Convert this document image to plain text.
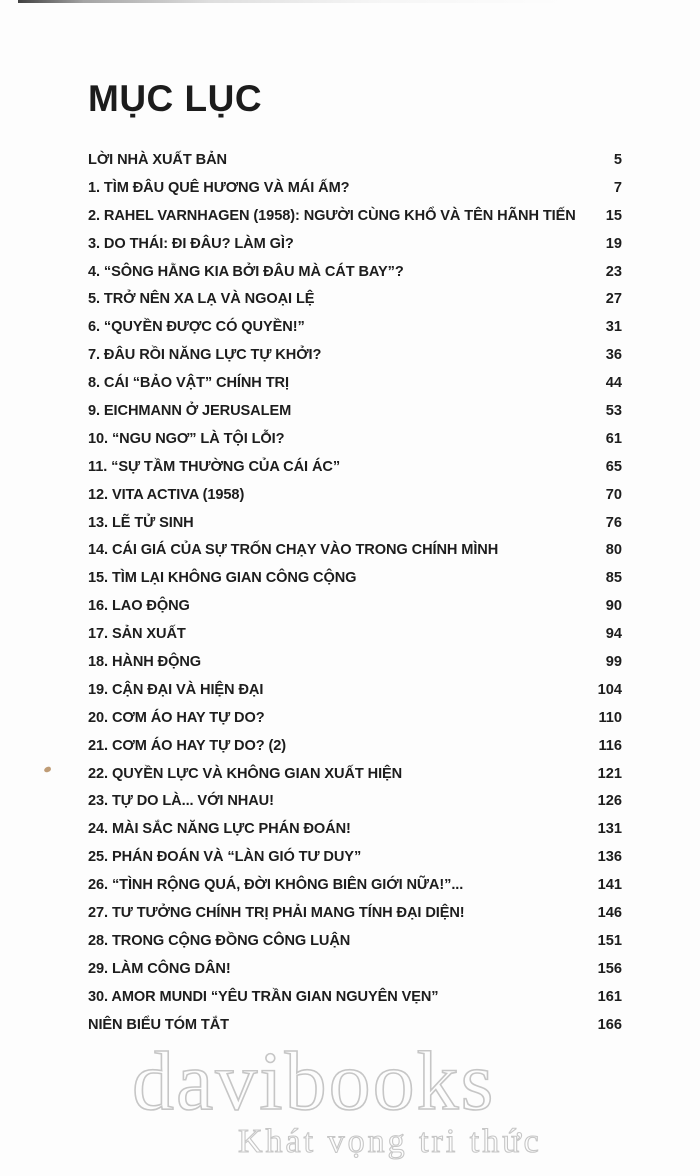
MỤC LỤC
LỜI NHÀ XUẤT BẢN	5
1. TÌM ĐÂU QUÊ HƯƠNG VÀ MÁI ẤM?	7
2. RAHEL VARNHAGEN (1958): NGƯỜI CÙNG KHỔ VÀ TÊN HÃNH TIẾN	15
3. DO THÁI: ĐI ĐÂU? LÀM GÌ?	19
4. “SÔNG HẰNG KIA BỞI ĐÂU MÀ CÁT BAY”?	23
5. TRỞ NÊN XA LẠ VÀ NGOẠI LỆ	27
6. “QUYỀN ĐƯỢC CÓ QUYỀN!”	31
7. ĐÂU RỒI NĂNG LỰC TỰ KHỞI?	36
8. CÁI “BẢO VẬT” CHÍNH TRỊ	44
9. EICHMANN Ở JERUSALEM	53
10. “NGU NGƠ” LÀ TỘI LỖI?	61
11. “SỰ TẦM THƯỜNG CỦA CÁI ÁC”	65
12. VITA ACTIVA (1958)	70
13. LẼ TỬ SINH	76
14. CÁI GIÁ CỦA SỰ TRỐN CHẠY VÀO TRONG CHÍNH MÌNH	80
15. TÌM LẠI KHÔNG GIAN CÔNG CỘNG	85
16. LAO ĐỘNG	90
17. SẢN XUẤT	94
18. HÀNH ĐỘNG	99
19. CẬN ĐẠI VÀ HIỆN ĐẠI	104
20. CƠM ÁO HAY TỰ DO?	110
21. CƠM ÁO HAY TỰ DO? (2)	116
22. QUYỀN LỰC VÀ KHÔNG GIAN XUẤT HIỆN	121
23. TỰ DO LÀ... VỚI NHAU!	126
24. MÀI SẮC NĂNG LỰC PHÁN ĐOÁN!	131
25. PHÁN ĐOÁN VÀ “LÀN GIÓ TƯ DUY”	136
26. “TÌNH RỘNG QUÁ, ĐỜI KHÔNG BIÊN GIỚI NỮA!”...	141
27. TƯ TƯỞNG CHÍNH TRỊ PHẢI MANG TÍNH ĐẠI DIỆN!	146
28. TRONG CỘNG ĐỒNG CÔNG LUẬN	151
29. LÀM CÔNG DÂN!	156
30. AMOR MUNDI “YÊU TRẦN GIAN NGUYÊN VẸN”	161
NIÊN BIỂU TÓM TẮT	166
davibooks
Khát vọng tri thức
